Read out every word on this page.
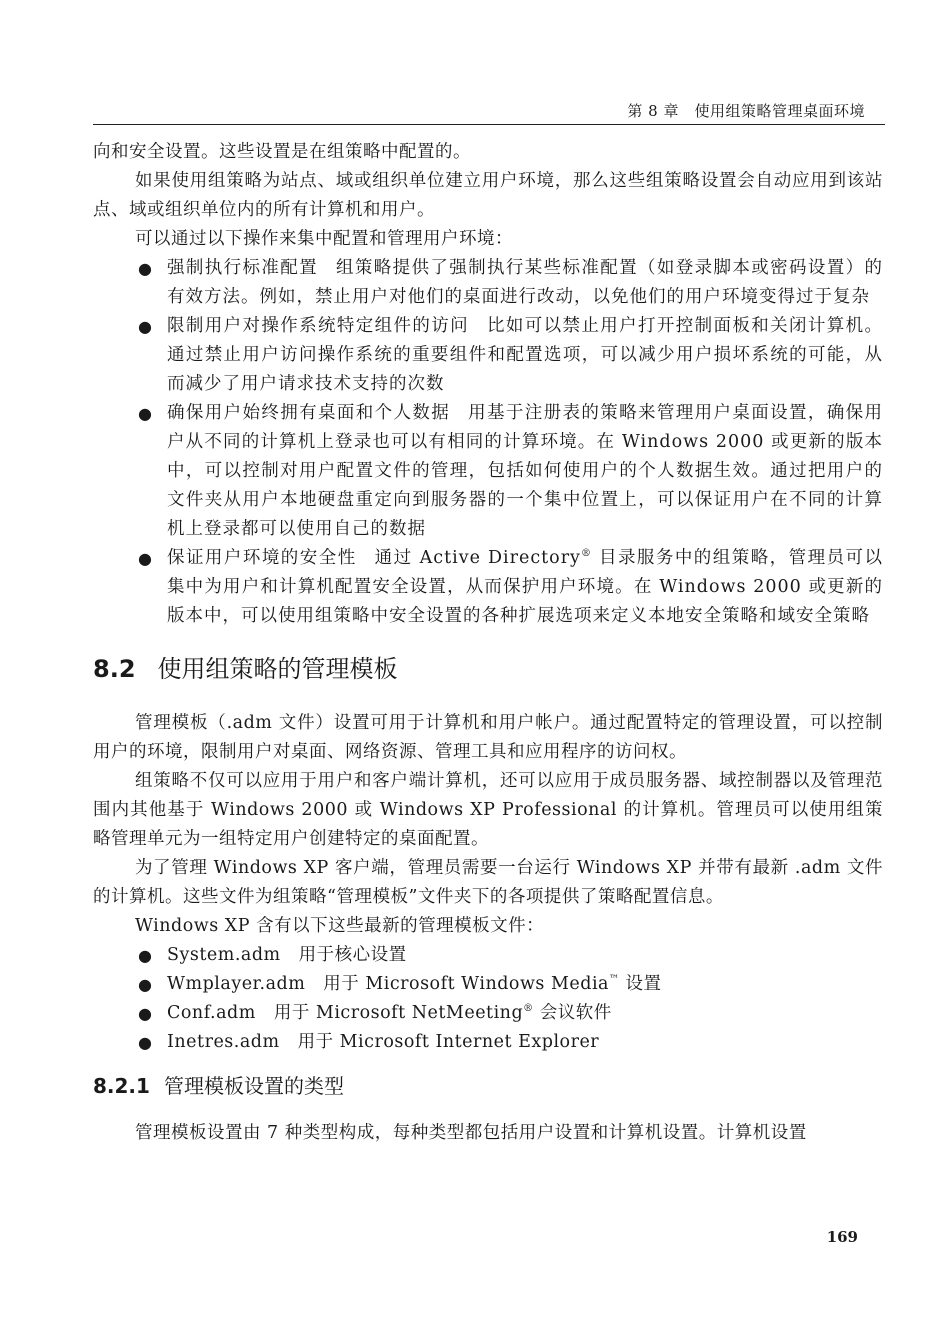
第 8 章　使用组策略管理桌面环境

向和安全设置。这些设置是在组策略中配置的。

如果使用组策略为站点、域或组织单位建立用户环境，那么这些组策略设置会自动应用到该站点、域或组织单位内的所有计算机和用户。

可以通过以下操作来集中配置和管理用户环境：

● 强制执行标准配置 组策略提供了强制执行某些标准配置（如登录脚本或密码设置）的有效方法。例如，禁止用户对他们的桌面进行改动，以免他们的用户环境变得过于复杂
● 限制用户对操作系统特定组件的访问 比如可以禁止用户打开控制面板和关闭计算机。通过禁止用户访问操作系统的重要组件和配置选项，可以减少用户损坏系统的可能，从而减少了用户请求技术支持的次数
● 确保用户始终拥有桌面和个人数据 用基于注册表的策略来管理用户桌面设置，确保用户从不同的计算机上登录也可以有相同的计算环境。在 Windows 2000 或更新的版本中，可以控制对用户配置文件的管理，包括如何使用户的个人数据生效。通过把用户的文件夹从用户本地硬盘重定向到服务器的一个集中位置上，可以保证用户在不同的计算机上登录都可以使用自己的数据
● 保证用户环境的安全性 通过 Active Directory® 目录服务中的组策略，管理员可以集中为用户和计算机配置安全设置，从而保护用户环境。在 Windows 2000 或更新的版本中，可以使用组策略中安全设置的各种扩展选项来定义本地安全策略和域安全策略
8.2 使用组策略的管理模板

管理模板（.adm 文件）设置可用于计算机和用户帐户。通过配置特定的管理设置，可以控制用户的环境，限制用户对桌面、网络资源、管理工具和应用程序的访问权。

组策略不仅可以应用于用户和客户端计算机，还可以应用于成员服务器、域控制器以及管理范围内其他基于 Windows 2000 或 Windows XP Professional 的计算机。管理员可以使用组策略管理单元为一组特定用户创建特定的桌面配置。

为了管理 Windows XP 客户端，管理员需要一台运行 Windows XP 并带有最新 .adm 文件的计算机。这些文件为组策略“管理模板”文件夹下的各项提供了策略配置信息。

Windows XP 含有以下这些最新的管理模板文件：

● System.adm 用于核心设置
● Wmplayer.adm 用于 Microsoft Windows Media™ 设置
● Conf.adm 用于 Microsoft NetMeeting® 会议软件
● Inetres.adm 用于 Microsoft Internet Explorer
8.2.1 管理模板设置的类型

管理模板设置由 7 种类型构成，每种类型都包括用户设置和计算机设置。计算机设置

169
